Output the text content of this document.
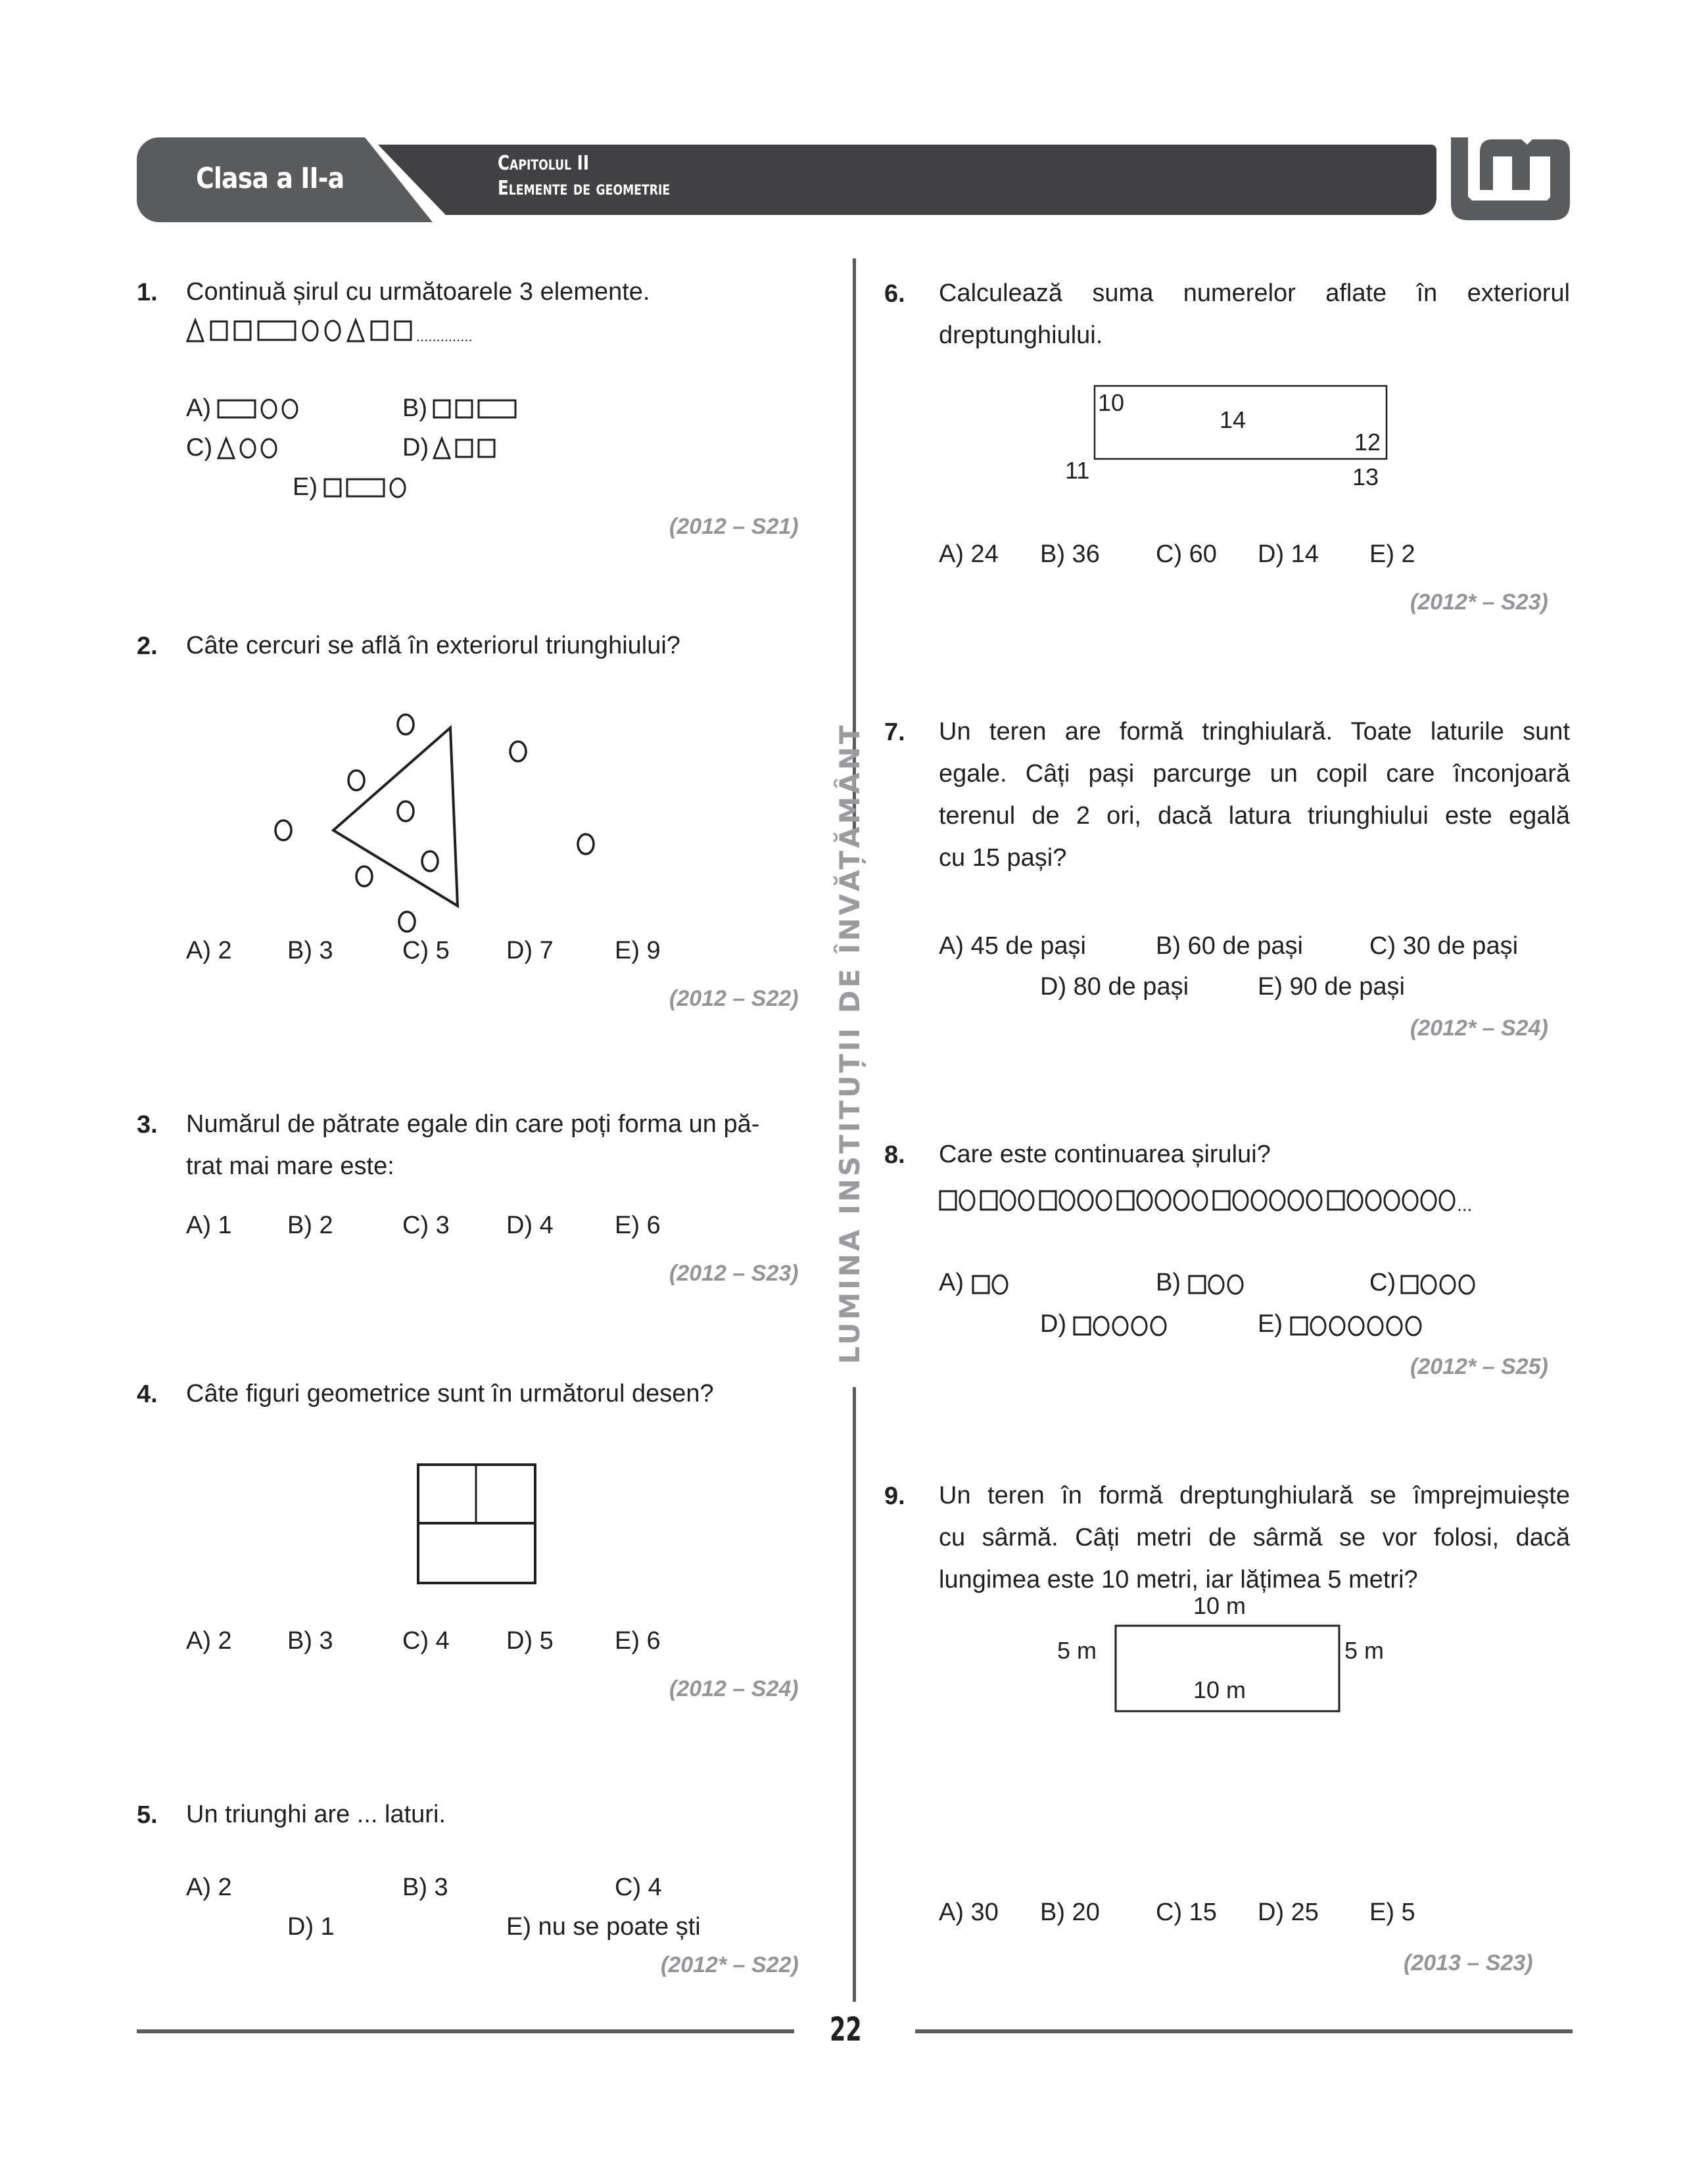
Clasa a II-a	Capitolul II
Elemente de geometrie
LUMINA INSTITUȚII DE ÎNVĂȚĂMÂNT
22
1. Continuă șirul cu următoarele 3 elemente.
..............
A)	B)
C)	D)
E)
(2012 – S21)
2. Câte cercuri se află în exteriorul triunghiului?
A) 2 B) 3	C) 5 D) 7 E) 9
(2012 – S22)
3. Numărul de pătrate egale din care poți forma un pă-
trat mai mare este:
A) 1 B) 2	C) 3 D) 4 E) 6
(2012 – S23)
4. Câte figuri geometrice sunt în următorul desen?
A) 2 B) 3	C) 4 D) 5 E) 6
(2012 – S24)
5. Un triunghi are ... laturi.
A) 2	B) 3	C) 4
D) 1	E) nu se poate ști
(2012* – S22)
6. Calculează suma numerelor aflate în exteriorul
dreptunghiului.
10
14
12
11	13
A) 24 B) 36 C) 60 D) 14 E) 2
(2012* – S23)
7. Un teren are formă tringhiulară. Toate laturile sunt
egale. Câți pași parcurge un copil care înconjoară
terenul de 2 ori, dacă latura triunghiului este egală
cu 15 pași?
A) 45 de pași	B) 60 de pași	C) 30 de pași
D) 80 de pași	E) 90 de pași
(2012* – S24)
8. Care este continuarea șirului?
...
A)	B)	C)
D)	E)
(2012* – S25)
9. Un teren în formă dreptunghiulară se împrejmuiește
cu sârmă. Câți metri de sârmă se vor folosi, dacă
lungimea este 10 metri, iar lățimea 5 metri?
10 m
10 m
5 m	5 m
A) 30 B) 20 C) 15 D) 25 E) 5
(2013 – S23)
